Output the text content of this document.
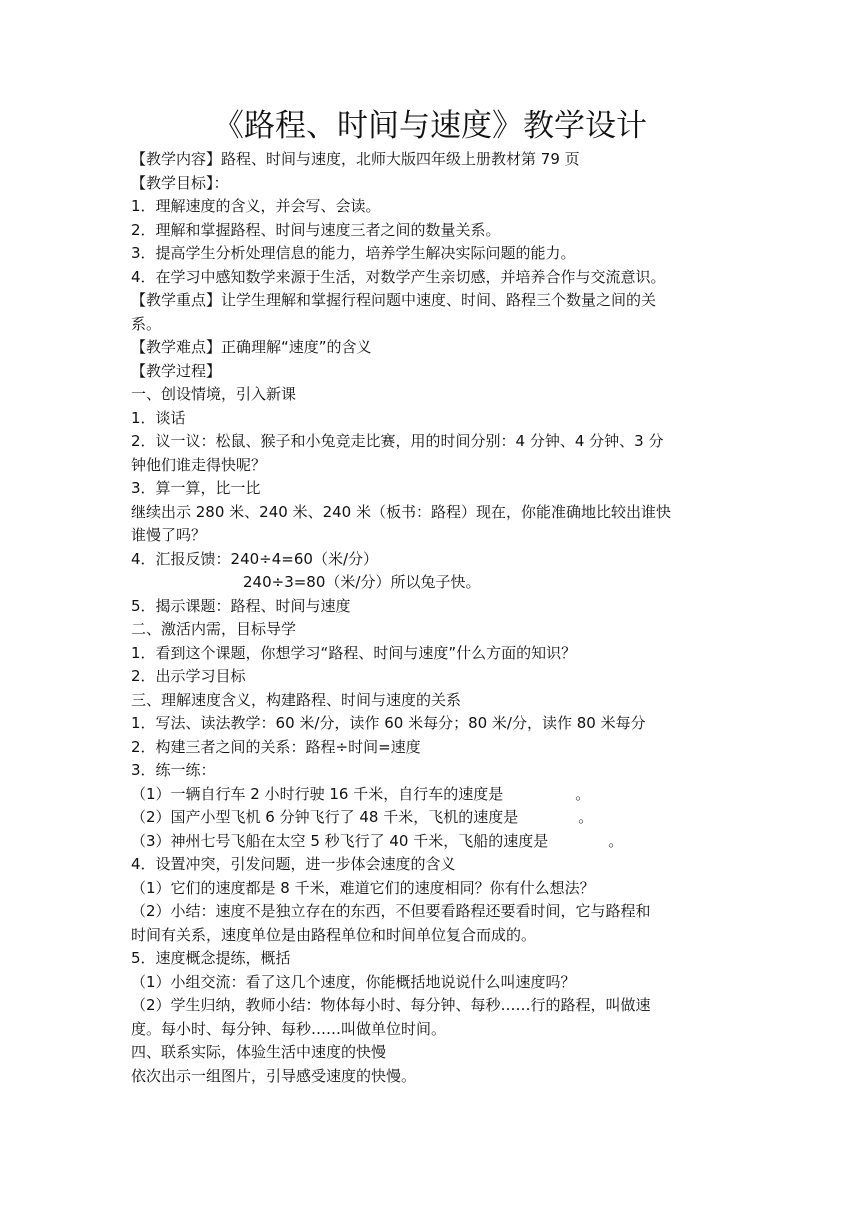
《路程、时间与速度》教学设计
【教学内容】路程、时间与速度，北师大版四年级上册教材第 79 页
【教学目标】：
1．理解速度的含义，并会写、会读。
2．理解和掌握路程、时间与速度三者之间的数量关系。
3．提高学生分析处理信息的能力，培养学生解决实际问题的能力。
4．在学习中感知数学来源于生活，对数学产生亲切感，并培养合作与交流意识。
【教学重点】让学生理解和掌握行程问题中速度、时间、路程三个数量之间的关
系。
【教学难点】正确理解“速度”的含义
【教学过程】
一、创设情境，引入新课
1．谈话
2．议一议：松鼠、猴子和小兔竞走比赛，用的时间分别：4 分钟、4 分钟、3 分
钟他们谁走得快呢？
3．算一算，比一比
继续出示 280 米、240 米、240 米（板书：路程）现在，你能准确地比较出谁快
谁慢了吗？
4．汇报反馈：240÷4=60（米/分）
240÷3=80（米/分）所以兔子快。
5．揭示课题：路程、时间与速度
二、激活内需，目标导学
1．看到这个课题，你想学习“路程、时间与速度”什么方面的知识？
2．出示学习目标
三、理解速度含义，构建路程、时间与速度的关系
1．写法、读法教学：60 米/分，读作 60 米每分；80 米/分，读作 80 米每分
2．构建三者之间的关系：路程÷时间=速度
3．练一练：
（1）一辆自行车 2 小时行驶 16 千米，自行车的速度是	。
（2）国产小型飞机 6 分钟飞行了 48 千米，飞机的速度是	。
（3）神州七号飞船在太空 5 秒飞行了 40 千米，飞船的速度是	。
4．设置冲突，引发问题，进一步体会速度的含义
（1）它们的速度都是 8 千米，难道它们的速度相同？你有什么想法？
（2）小结：速度不是独立存在的东西，不但要看路程还要看时间，它与路程和
时间有关系，速度单位是由路程单位和时间单位复合而成的。
5．速度概念提练，概括
（1）小组交流：看了这几个速度，你能概括地说说什么叫速度吗？
（2）学生归纳，教师小结：物体每小时、每分钟、每秒……行的路程，叫做速
度。每小时、每分钟、每秒……叫做单位时间。
四、联系实际，体验生活中速度的快慢
依次出示一组图片，引导感受速度的快慢。
